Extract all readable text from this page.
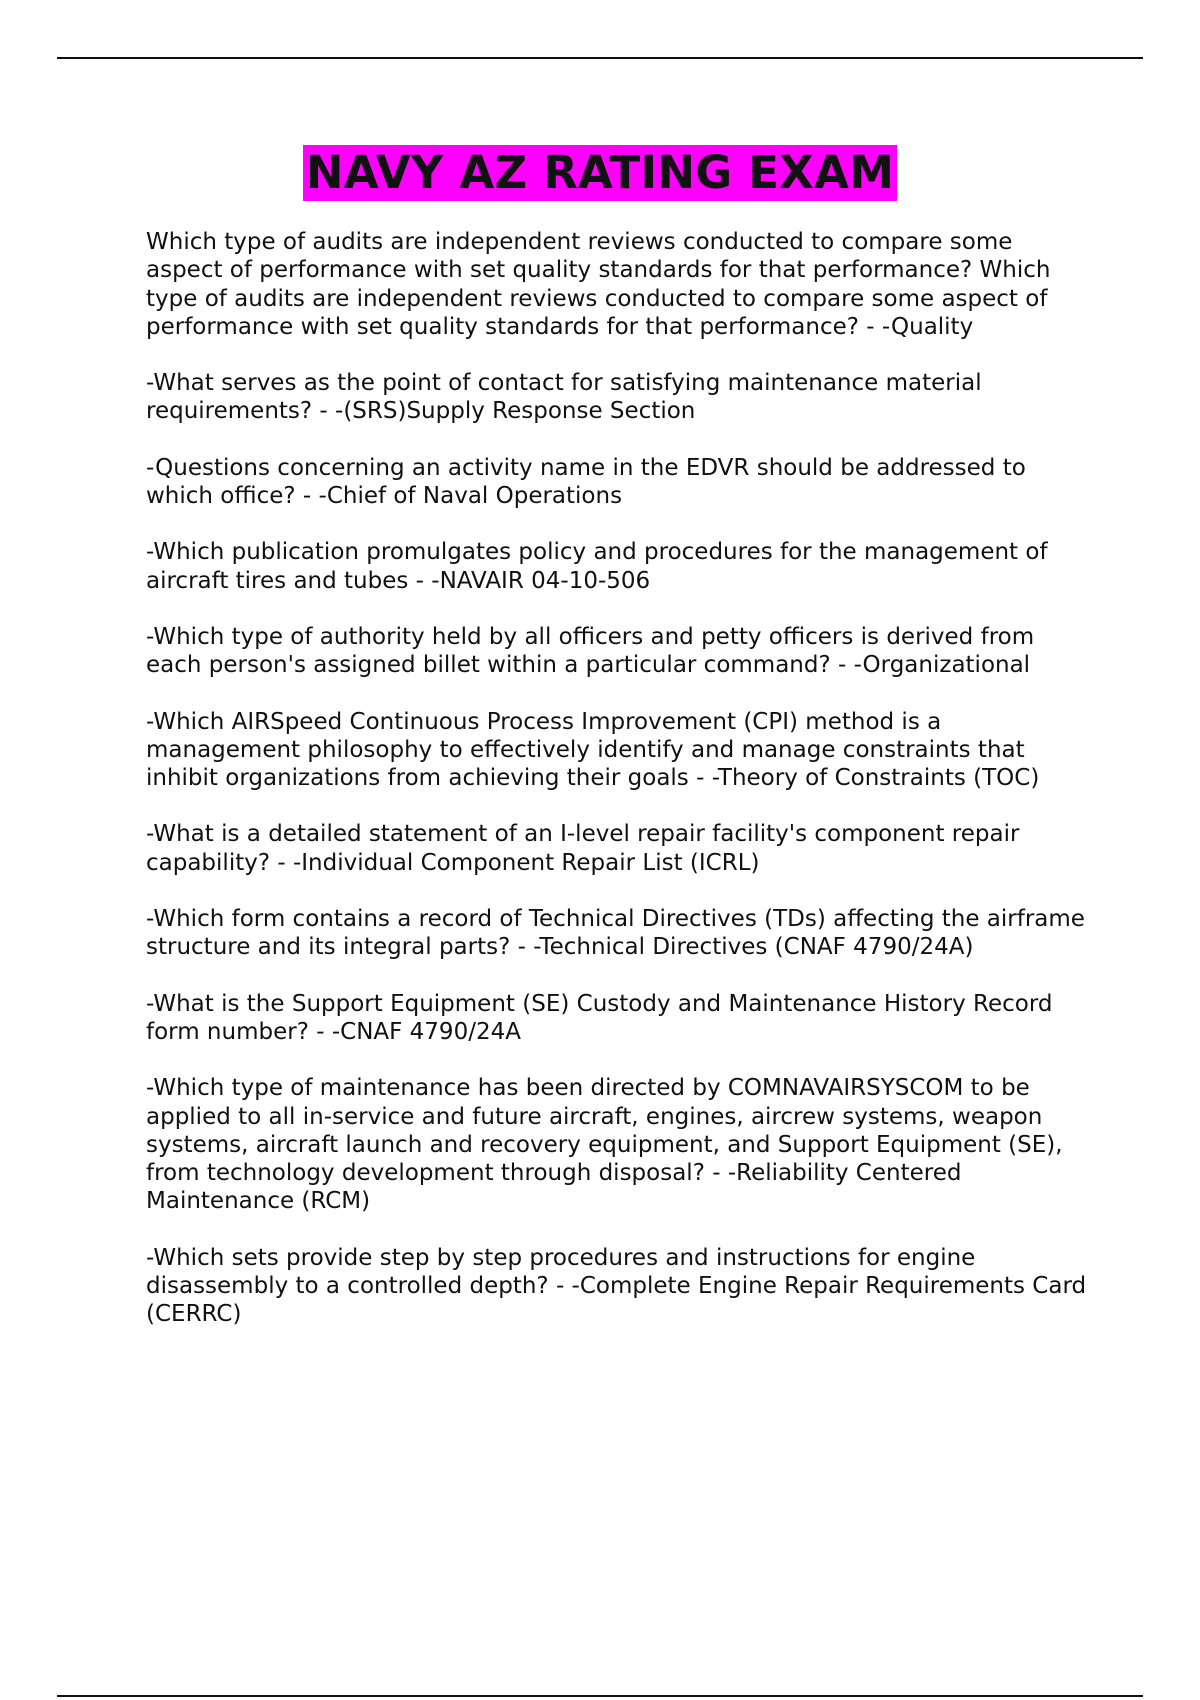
NAVY AZ RATING EXAM

Which type of audits are independent reviews conducted to compare some aspect of performance with set quality standards for that performance? Which type of audits are independent reviews conducted to compare some aspect of performance with set quality standards for that performance? - -Quality

-What serves as the point of contact for satisfying maintenance material requirements? - -(SRS)Supply Response Section

-Questions concerning an activity name in the EDVR should be addressed to which office? - -Chief of Naval Operations

-Which publication promulgates policy and procedures for the management of aircraft tires and tubes - -NAVAIR 04-10-506

-Which type of authority held by all officers and petty officers is derived from each person's assigned billet within a particular command? - -Organizational

-Which AIRSpeed Continuous Process Improvement (CPI) method is a management philosophy to effectively identify and manage constraints that inhibit organizations from achieving their goals - -Theory of Constraints (TOC)

-What is a detailed statement of an I-level repair facility's component repair capability? - -Individual Component Repair List (ICRL)

-Which form contains a record of Technical Directives (TDs) affecting the airframe structure and its integral parts? - -Technical Directives (CNAF 4790/24A)

-What is the Support Equipment (SE) Custody and Maintenance History Record form number? - -CNAF 4790/24A

-Which type of maintenance has been directed by COMNAVAIRSYSCOM to be applied to all in-service and future aircraft, engines, aircrew systems, weapon systems, aircraft launch and recovery equipment, and Support Equipment (SE), from technology development through disposal? - -Reliability Centered Maintenance (RCM)

-Which sets provide step by step procedures and instructions for engine disassembly to a controlled depth? - -Complete Engine Repair Requirements Card (CERRC)
